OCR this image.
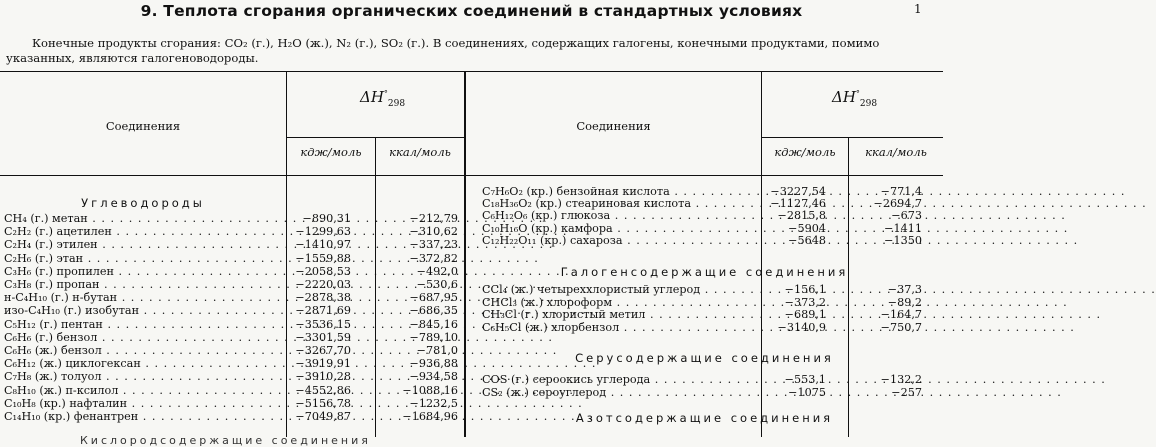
9. Теплота сгорания органических соединений в стандартных условиях	1
Конечные продукты сгорания: CO₂ (г.), H₂O (ж.), N₂ (г.), SO₂ (г.). В соединениях, содержащих галогены, конечными продуктами, помимо указанных, являются галогеноводороды.
Соединения
$\Delta H^\circ_{298}$
кдж/моль	ккал/моль
Соединения
$\Delta H^\circ_{298}$
кдж/моль	ккал/моль
Углеводороды
CH₄ (г.) метан . . .	−890,31	−212,79
C₂H₂ (г.) ацетилен . . .	−1299,63	−310,62
C₂H₄ (г.) этилен . . .	−1410,97	−337,23
C₂H₆ (г.) этан . . .	−1559,88	−372,82
C₃H₆ (г.) пропилен . . .	−2058,53	−492,0
C₃H₈ (г.) пропан . . .	−2220,03	−530,6
н-C₄H₁₀ (г.) н-бутан . . .	−2878,38	−687,95
изо-C₄H₁₀ (г.) изобутан . . .	−2871,69	−686,35
C₅H₁₂ (г.) пентан . . .	−3536,15	−845,16
C₆H₆ (г.) бензол . . .	−3301,59	−789,10
C₆H₆ (ж.) бензол . . .	−3267,70	−781,0
C₆H₁₂ (ж.) циклогексан . . .	−3919,91	−936,88
C₇H₈ (ж.) толуол . . .	−3910,28	−934,58
C₈H₁₀ (ж.) п-ксилол . . .	−4552,86	−1088,16
C₁₀H₈ (кр.) нафталин . . .	−5156,78	−1232,5
C₁₄H₁₀ (кр.) фенантрен . . .	−7049,87	−1684,96
C₇H₆O₂ (кр.) бензойная кислота . . .	−3227,54	−771,4
C₁₈H₃₆O₂ (кр.) стеариновая кислота . . .	−1127,46	−2694,7
C₆H₁₂O₆ (кр.) глюкоза . . .	−2815,8	−673
C₁₀H₁₆O (кр.) камфора . . .	−5904	−1411
C₁₂H₂₂O₁₁ (кр.) сахароза . . .	−5648	−1350
Галогенсодержащие соединения
CCl₄ (ж.) четыреххлористый углерод . . .	−156,1	−37,3
CHCl₃ (ж.) хлороформ . . .	−373,2	−89,2
CH₃Cl (г.) хлористый метил . . .	−689,1	−164,7
C₆H₅Cl (ж.) хлорбензол . . .	−3140,9	−750,7
Серусодержащие соединения
COS (г.) сероокись углерода . . .	−553,1	−132,2
CS₂ (ж.) сероуглерод . . .	−1075	−257
Азотсодержащие соединения
Кислородсодержащие соединения
